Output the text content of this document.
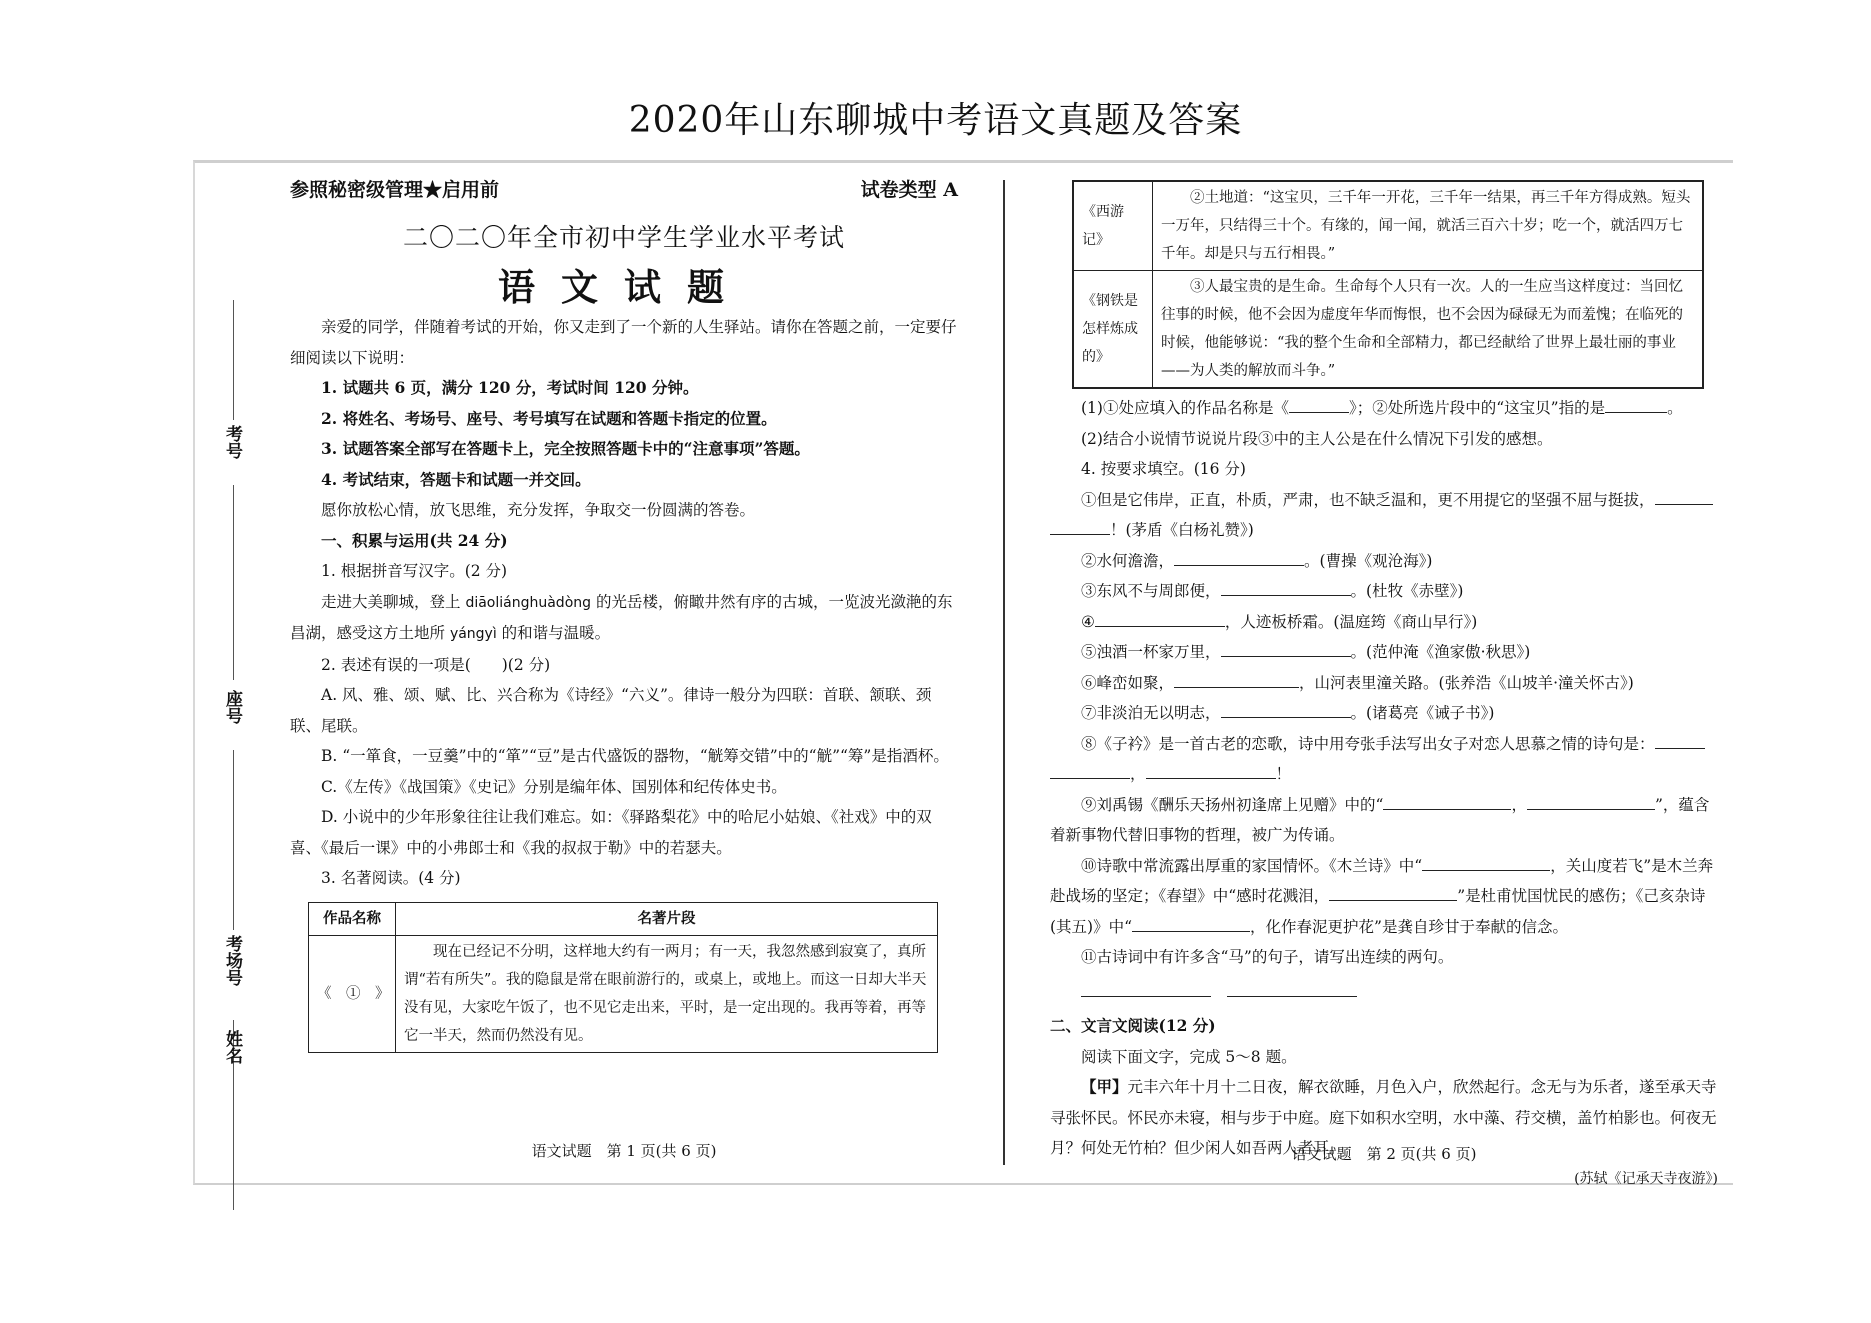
2020年山东聊城中考语文真题及答案
考号
座号
考场号
姓名
参照秘密级管理★启用前	试卷类型 A
二〇二〇年全市初中学生学业水平考试
语文试题

亲爱的同学，伴随着考试的开始，你又走到了一个新的人生驿站。请你在答题之前，一定要仔细阅读以下说明：

1. 试题共 6 页，满分 120 分，考试时间 120 分钟。

2. 将姓名、考场号、座号、考号填写在试题和答题卡指定的位置。

3. 试题答案全部写在答题卡上，完全按照答题卡中的“注意事项”答题。

4. 考试结束，答题卡和试题一并交回。

愿你放松心情，放飞思维，充分发挥，争取交一份圆满的答卷。

一、积累与运用(共 24 分)

1. 根据拼音写汉字。(2 分)

走进大美聊城，登上 diāoliánghuàdòng 的光岳楼，俯瞰井然有序的古城，一览波光潋滟的东昌湖，感受这方土地所 yángyì 的和谐与温暖。

2. 表述有误的一项是(　　)(2 分)

A. 风、雅、颂、赋、比、兴合称为《诗经》“六义”。律诗一般分为四联：首联、颔联、颈联、尾联。

B. “一箪食，一豆羹”中的“箪”“豆”是古代盛饭的器物，“觥筹交错”中的“觥”“筹”是指酒杯。

C.《左传》《战国策》《史记》分别是编年体、国别体和纪传体史书。

D. 小说中的少年形象往往让我们难忘。如：《驿路梨花》中的哈尼小姑娘、《社戏》中的双喜、《最后一课》中的小弗郎士和《我的叔叔于勒》中的若瑟夫。

3. 名著阅读。(4 分)

作品名称	名著片段
《　①　》	现在已经记不分明，这样地大约有一两月；有一天，我忽然感到寂寞了，真所谓“若有所失”。我的隐鼠是常在眼前游行的，或桌上，或地上。而这一日却大半天没有见，大家吃午饭了，也不见它走出来，平时，是一定出现的。我再等着，再等它一半天，然而仍然没有见。
语文试题　第 1 页(共 6 页)
《西游记》	②土地道：“这宝贝，三千年一开花，三千年一结果，再三千年方得成熟。短头一万年，只结得三十个。有缘的，闻一闻，就活三百六十岁；吃一个，就活四万七千年。却是只与五行相畏。”
《钢铁是怎样炼成的》	③人最宝贵的是生命。生命每个人只有一次。人的一生应当这样度过：当回忆往事的时候，他不会因为虚度年华而悔恨，也不会因为碌碌无为而羞愧；在临死的时候，他能够说：“我的整个生命和全部精力，都已经献给了世界上最壮丽的事业——为人类的解放而斗争。”

(1)①处应填入的作品名称是《	》；②处所选片段中的“这宝贝”指的是	。

(2)结合小说情节说说片段③中的主人公是在什么情况下引发的感想。

4. 按要求填空。(16 分)

①但是它伟岸，正直，朴质，严肃，也不缺乏温和，更不用提它的坚强不屈与挺拔，

！(茅盾《白杨礼赞》)

②水何澹澹，	。(曹操《观沧海》)

③东风不与周郎便，	。(杜牧《赤壁》)

④	，人迹板桥霜。(温庭筠《商山早行》)

⑤浊酒一杯家万里，	。(范仲淹《渔家傲·秋思》)

⑥峰峦如聚，	，山河表里潼关路。(张养浩《山坡羊·潼关怀古》)

⑦非淡泊无以明志，	。(诸葛亮《诫子书》)

⑧《子衿》是一首古老的恋歌，诗中用夸张手法写出女子对恋人思慕之情的诗句是：

，	！

⑨刘禹锡《酬乐天扬州初逢席上见赠》中的“	，	”，蕴含着新事物代替旧事物的哲理，被广为传诵。

⑩诗歌中常流露出厚重的家国情怀。《木兰诗》中“	，关山度若飞”是木兰奔赴战场的坚定；《春望》中“感时花溅泪，	”是杜甫忧国忧民的感伤；《己亥杂诗(其五)》中“	，化作春泥更护花”是龚自珍甘于奉献的信念。

⑪古诗词中有许多含“马”的句子，请写出连续的两句。

二、文言文阅读(12 分)

阅读下面文字，完成 5～8 题。

【甲】元丰六年十月十二日夜，解衣欲睡，月色入户，欣然起行。念无与为乐者，遂至承天寺寻张怀民。怀民亦未寝，相与步于中庭。庭下如积水空明，水中藻、荇交横，盖竹柏影也。何夜无月？何处无竹柏？但少闲人如吾两人者耳。

(苏轼《记承天寺夜游》)

语文试题　第 2 页(共 6 页)
